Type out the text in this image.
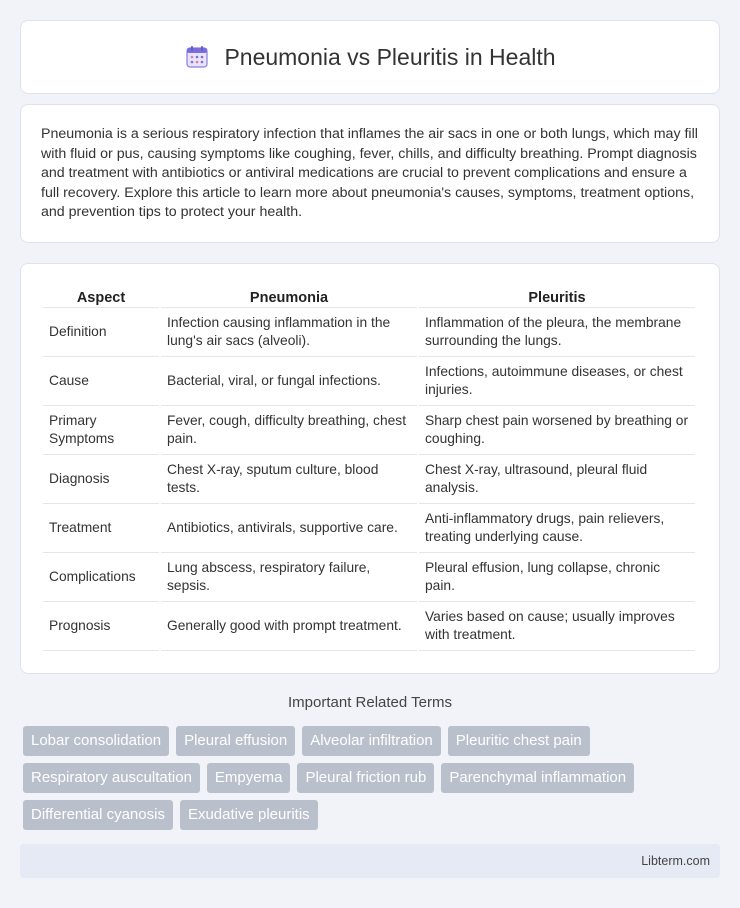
Pneumonia vs Pleuritis in Health

Pneumonia is a serious respiratory infection that inflames the air sacs in one or both lungs, which may fill with fluid or pus, causing symptoms like coughing, fever, chills, and difficulty breathing. Prompt diagnosis and treatment with antibiotics or antiviral medications are crucial to prevent complications and ensure a full recovery. Explore this article to learn more about pneumonia's causes, symptoms, treatment options, and prevention tips to protect your health.

Aspect	Pneumonia	Pleuritis
Definition	Infection causing inflammation in the lung's air sacs (alveoli).	Inflammation of the pleura, the membrane surrounding the lungs.
Cause	Bacterial, viral, or fungal infections.	Infections, autoimmune diseases, or chest injuries.
Primary Symptoms	Fever, cough, difficulty breathing, chest pain.	Sharp chest pain worsened by breathing or coughing.
Diagnosis	Chest X-ray, sputum culture, blood tests.	Chest X-ray, ultrasound, pleural fluid analysis.
Treatment	Antibiotics, antivirals, supportive care.	Anti-inflammatory drugs, pain relievers, treating underlying cause.
Complications	Lung abscess, respiratory failure, sepsis.	Pleural effusion, lung collapse, chronic pain.
Prognosis	Generally good with prompt treatment.	Varies based on cause; usually improves with treatment.
Important Related Terms
Lobar consolidation	Pleural effusion	Alveolar infiltration	Pleuritic chest pain
Respiratory auscultation	Empyema	Pleural friction rub	Parenchymal inflammation
Differential cyanosis	Exudative pleuritis
Libterm.com
